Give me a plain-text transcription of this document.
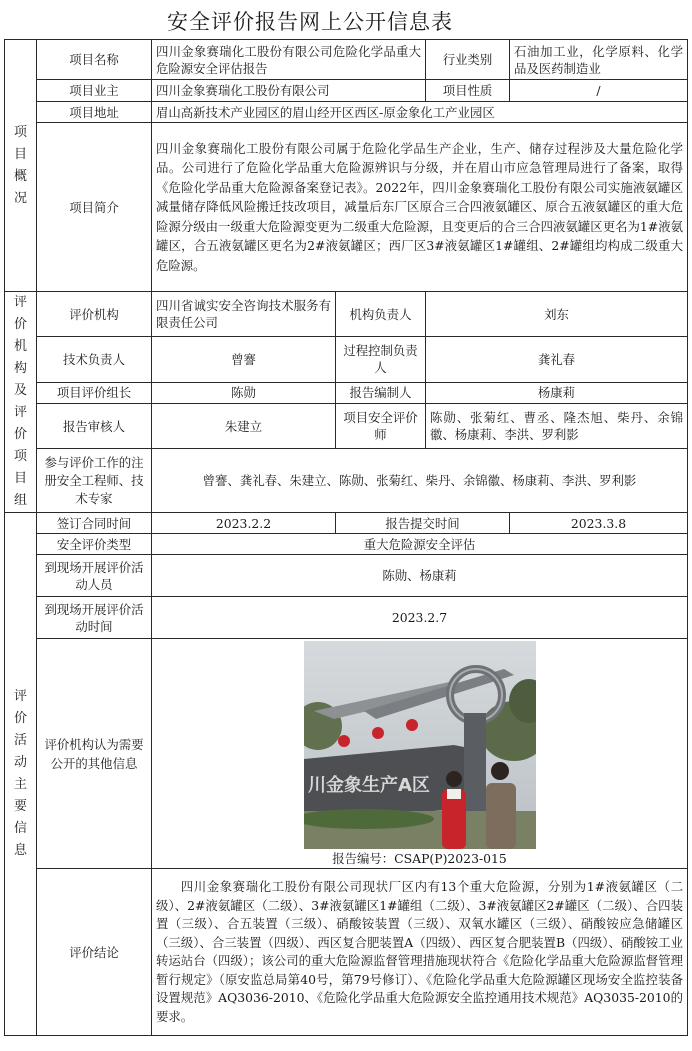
安全评价报告网上公开信息表
项目概况	项目名称	四川金象赛瑞化工股份有限公司危险化学品重大危险源安全评估报告		行业类别	石油加工业，化学原料、化学品及医药制造业
	项目业主	四川金象赛瑞化工股份有限公司		项目性质	/
	项目地址	眉山高新技术产业园区的眉山经开区西区-原金象化工产业园区			
	项目简介	四川金象赛瑞化工股份有限公司属于危险化学品生产企业，生产、储存过程涉及大量危险化学品。公司进行了危险化学品重大危险源辨识与分级，并在眉山市应急管理局进行了备案，取得《危险化学品重大危险源备案登记表》。2022年，四川金象赛瑞化工股份有限公司实施液氨罐区减量储存降低风险搬迁技改项目，减量后东厂区原合三合四液氨罐区、原合五液氨罐区的重大危险源分级由一级重大危险源变更为二级重大危险源，且变更后的合三合四液氨罐区更名为1#液氨罐区，合五液氨罐区更名为2#液氨罐区；西厂区3#液氨罐区1#罐组、2#罐组均构成二级重大危险源。			

评价机构及评价项目组	评价机构	四川省诚实安全咨询技术服务有限责任公司	机构负责人	刘东	
	技术负责人	曾謇	过程控制负责人	龚礼春	
	项目评价组长	陈勋	报告编制人	杨康莉	
	报告审核人	朱建立	项目安全评价师	陈勋、张菊红、曹丞、隆杰旭、柴丹、余锦徽、杨康莉、李洪、罗利影	
	参与评价工作的注册安全工程师、技术专家	曾謇、龚礼春、朱建立、陈勋、张菊红、柴丹、余锦徽、杨康莉、李洪、罗利影			

评价活动主要信息	签订合同时间	2023.2.2	报告提交时间		2023.3.8
	安全评价类型	重大危险源安全评估			
	到现场开展评价活动人员	陈勋、杨康莉			
	到现场开展评价活动时间	2023.2.7			
	评价机构认为需要公开的其他信息	川金象生产A区
报告编号：CSAP(P)2023-015			

	评价结论	四川金象赛瑞化工股份有限公司现状厂区内有13个重大危险源，分别为1#液氨罐区（二级）、2#液氨罐区（二级）、3#液氨罐区1#罐组（二级）、3#液氨罐区2#罐区（二级）、合四装置（三级）、合五装置（三级）、硝酸铵装置（三级）、双氧水罐区（三级）、硝酸铵应急储罐区（三级）、合三装置（四级）、西区复合肥装置A（四级）、西区复合肥装置B（四级）、硝酸铵工业转运站台（四级）；该公司的重大危险源监督管理措施现状符合《危险化学品重大危险源监督管理暂行规定》（原安监总局第40号，第79号修订）、《危险化学品重大危险源罐区现场安全监控装备设置规范》AQ3036-2010、《危险化学品重大危险源安全监控通用技术规范》AQ3035-2010的要求。			
